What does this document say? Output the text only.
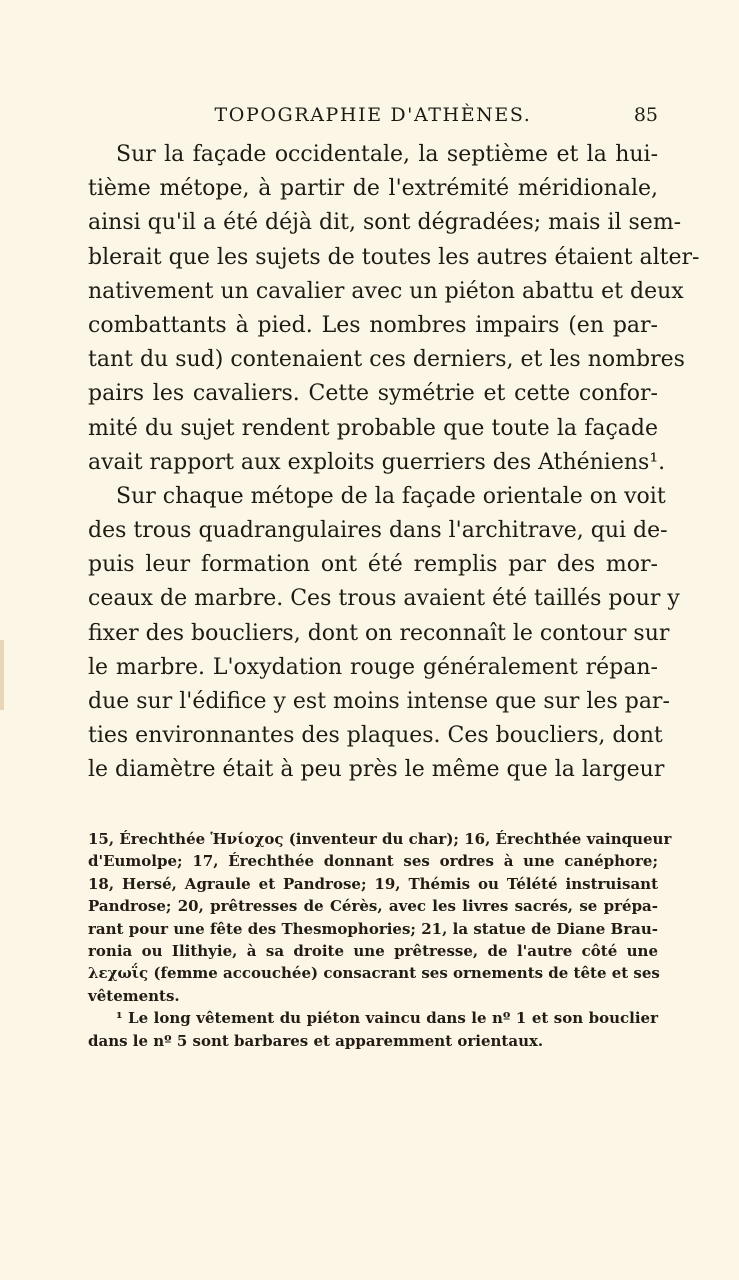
TOPOGRAPHIE D'ATHÈNES.	85
Sur la façade occidentale, la septième et la hui-
tième métope, à partir de l'extrémité méridionale,
ainsi qu'il a été déjà dit, sont dégradées; mais il sem-
blerait que les sujets de toutes les autres étaient alter-
nativement un cavalier avec un piéton abattu et deux
combattants à pied. Les nombres impairs (en par-
tant du sud) contenaient ces derniers, et les nombres
pairs les cavaliers. Cette symétrie et cette confor-
mité du sujet rendent probable que toute la façade
avait rapport aux exploits guerriers des Athéniens¹.
Sur chaque métope de la façade orientale on voit
des trous quadrangulaires dans l'architrave, qui de-
puis leur formation ont été remplis par des mor-
ceaux de marbre. Ces trous avaient été taillés pour y
fixer des boucliers, dont on reconnaît le contour sur
le marbre. L'oxydation rouge généralement répan-
due sur l'édifice y est moins intense que sur les par-
ties environnantes des plaques. Ces boucliers, dont
le diamètre était à peu près le même que la largeur
15, Érechthée Ἡνίοχος (inventeur du char); 16, Érechthée vainqueur
d'Eumolpe; 17, Érechthée donnant ses ordres à une canéphore;
18, Hersé, Agraule et Pandrose; 19, Thémis ou Télété instruisant
Pandrose; 20, prêtresses de Cérès, avec les livres sacrés, se prépa-
rant pour une fête des Thesmophories; 21, la statue de Diane Brau-
ronia ou Ilithyie, à sa droite une prêtresse, de l'autre côté une
λεχωΐς (femme accouchée) consacrant ses ornements de tête et ses
vêtements.
¹ Le long vêtement du piéton vaincu dans le nº 1 et son bouclier
dans le nº 5 sont barbares et apparemment orientaux.
